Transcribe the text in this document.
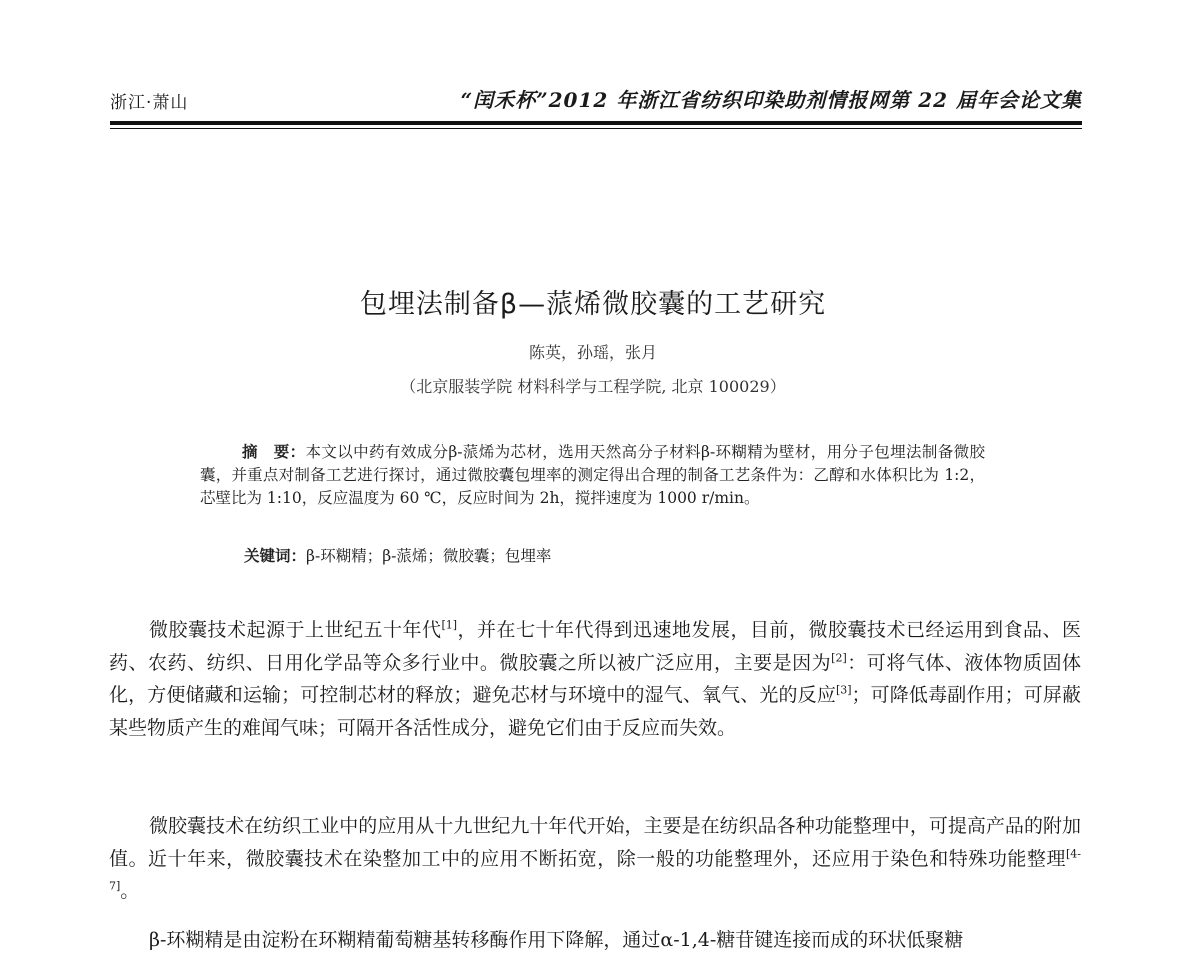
浙江·萧山	“闰禾杯”2012 年浙江省纺织印染助剂情报网第 22 届年会论文集
包埋法制备β—蒎烯微胶囊的工艺研究
陈英，孙瑶，张月
（北京服装学院 材料科学与工程学院, 北京 100029）
摘　要：本文以中药有效成分β-蒎烯为芯材，选用天然高分子材料β-环糊精为壁材，用分子包埋法制备微胶囊，并重点对制备工艺进行探讨，通过微胶囊包埋率的测定得出合理的制备工艺条件为：乙醇和水体积比为 1:2，芯壁比为 1:10，反应温度为 60 ℃，反应时间为 2h，搅拌速度为 1000 r/min。
关键词：β-环糊精；β-蒎烯；微胶囊；包埋率
微胶囊技术起源于上世纪五十年代[1]，并在七十年代得到迅速地发展，目前，微胶囊技术已经运用到食品、医药、农药、纺织、日用化学品等众多行业中。微胶囊之所以被广泛应用，主要是因为[2]：可将气体、液体物质固体化，方便储藏和运输；可控制芯材的释放；避免芯材与环境中的湿气、氧气、光的反应[3]；可降低毒副作用；可屏蔽某些物质产生的难闻气味；可隔开各活性成分，避免它们由于反应而失效。
微胶囊技术在纺织工业中的应用从十九世纪九十年代开始，主要是在纺织品各种功能整理中，可提高产品的附加值。近十年来，微胶囊技术在染整加工中的应用不断拓宽，除一般的功能整理外，还应用于染色和特殊功能整理[4-7]。
β-环糊精是由淀粉在环糊精葡萄糖基转移酶作用下降解，通过α-1,4-糖苷键连接而成的环状低聚糖
